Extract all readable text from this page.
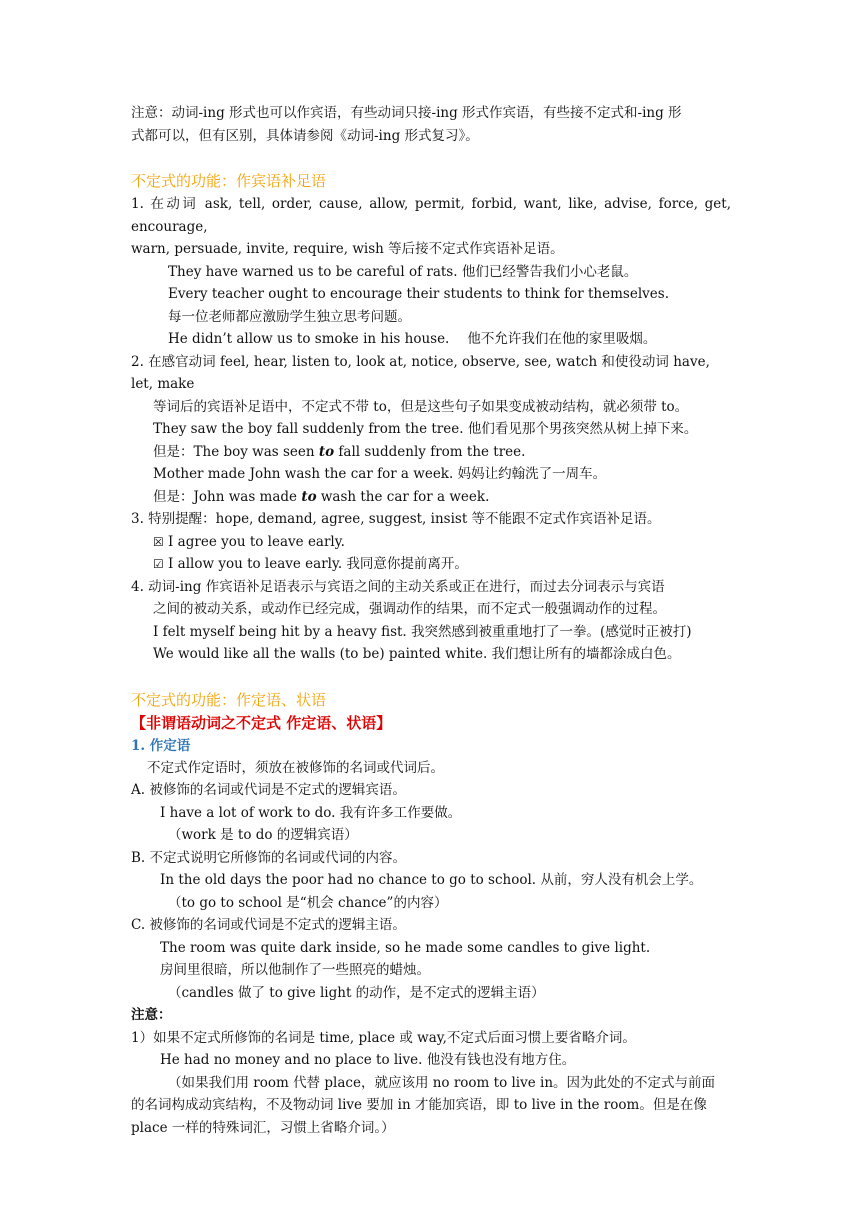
注意：动词-ing 形式也可以作宾语，有些动词只接-ing 形式作宾语，有些接不定式和-ing 形

式都可以，但有区别，具体请参阅《动词-ing 形式复习》。

不定式的功能：作宾语补足语

1. 在动词 ask, tell, order, cause, allow, permit, forbid, want, like, advise, force, get, encourage,

warn, persuade, invite, require, wish 等后接不定式作宾语补足语。

They have warned us to be careful of rats. 他们已经警告我们小心老鼠。

Every teacher ought to encourage their students to think for themselves.

每一位老师都应激励学生独立思考问题。

He didn’t allow us to smoke in his house. 他不允许我们在他的家里吸烟。

2. 在感官动词 feel, hear, listen to, look at, notice, observe, see, watch 和使役动词 have, let, make

等词后的宾语补足语中，不定式不带 to，但是这些句子如果变成被动结构，就必须带 to。

They saw the boy fall suddenly from the tree. 他们看见那个男孩突然从树上掉下来。

但是：The boy was seen to fall suddenly from the tree.

Mother made John wash the car for a week. 妈妈让约翰洗了一周车。

但是：John was made to wash the car for a week.

3. 特别提醒：hope, demand, agree, suggest, insist 等不能跟不定式作宾语补足语。

☒ I agree you to leave early.

☑ I allow you to leave early. 我同意你提前离开。

4. 动词-ing 作宾语补足语表示与宾语之间的主动关系或正在进行，而过去分词表示与宾语

之间的被动关系，或动作已经完成，强调动作的结果，而不定式一般强调动作的过程。

I felt myself being hit by a heavy fist. 我突然感到被重重地打了一拳。(感觉时正被打)

We would like all the walls (to be) painted white. 我们想让所有的墙都涂成白色。

不定式的功能：作定语、状语
【非谓语动词之不定式 作定语、状语】
1. 作定语

不定式作定语时，须放在被修饰的名词或代词后。

A. 被修饰的名词或代词是不定式的逻辑宾语。

I have a lot of work to do. 我有许多工作要做。

（work 是 to do 的逻辑宾语）

B. 不定式说明它所修饰的名词或代词的内容。

In the old days the poor had no chance to go to school. 从前，穷人没有机会上学。

（to go to school 是“机会 chance”的内容）

C. 被修饰的名词或代词是不定式的逻辑主语。

The room was quite dark inside, so he made some candles to give light.

房间里很暗，所以他制作了一些照亮的蜡烛。

（candles 做了 to give light 的动作，是不定式的逻辑主语）

注意：

1）如果不定式所修饰的名词是 time, place 或 way,不定式后面习惯上要省略介词。

He had no money and no place to live. 他没有钱也没有地方住。

（如果我们用 room 代替 place，就应该用 no room to live in。因为此处的不定式与前面

的名词构成动宾结构，不及物动词 live 要加 in 才能加宾语，即 to live in the room。但是在像

place 一样的特殊词汇，习惯上省略介词。）
